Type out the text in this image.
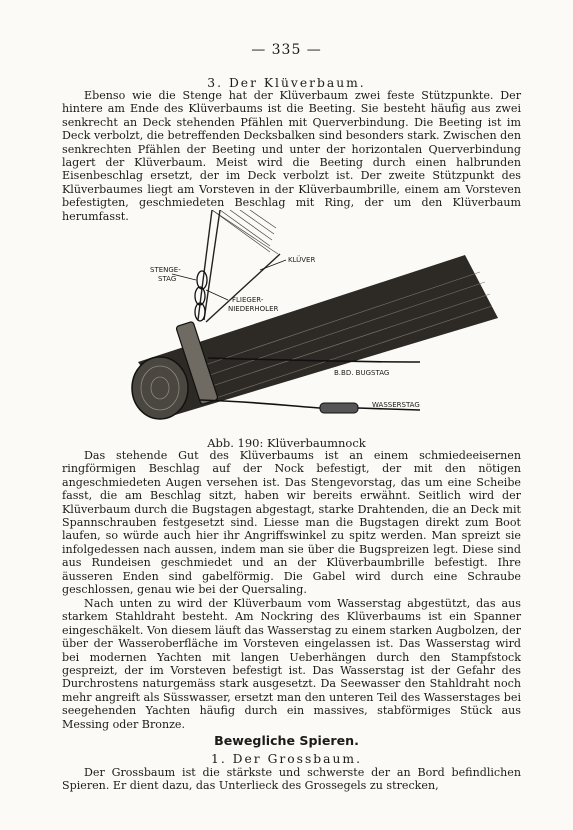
— 335 —
3. Der Klüverbaum.

Ebenso wie die Stenge hat der Klüverbaum zwei feste Stützpunkte. Der hintere am Ende des Klüverbaums ist die Beeting. Sie besteht häufig aus zwei senkrecht an Deck stehenden Pfählen mit Querverbindung. Die Beeting ist im Deck verbolzt, die betreffenden Decksbalken sind besonders stark. Zwischen den senkrechten Pfählen der Beeting und unter der horizontalen Querverbindung lagert der Klüverbaum. Meist wird die Beeting durch einen halbrunden Eisenbeschlag ersetzt, der im Deck verbolzt ist. Der zweite Stützpunkt des Klüverbaumes liegt am Vorsteven in der Klüverbaumbrille, einem am Vorsteven befestigten, geschmiedeten Beschlag mit Ring, der um den Klüverbaum herumfasst.

KLÜVER
STENGE-
STAG
FLIEGER-
NIEDERHOLER
B.BD. BUGSTAG
WASSERSTAG
Abb. 190: Klüverbaumnock

Das stehende Gut des Klüverbaums ist an einem schmiedeeisernen ringförmigen Beschlag auf der Nock befestigt, der mit den nötigen angeschmiedeten Augen versehen ist. Das Stengevorstag, das um eine Scheibe fasst, die am Beschlag sitzt, haben wir bereits erwähnt. Seitlich wird der Klüverbaum durch die Bugstagen abgestagt, starke Drahtenden, die an Deck mit Spannschrauben festgesetzt sind. Liesse man die Bugstagen direkt zum Boot laufen, so würde auch hier ihr Angriffswinkel zu spitz werden. Man spreizt sie infolgedessen nach aussen, indem man sie über die Bugspreizen legt. Diese sind aus Rundeisen geschmiedet und an der Klüverbaumbrille befestigt. Ihre äusseren Enden sind gabelförmig. Die Gabel wird durch eine Schraube geschlossen, genau wie bei der Quersaling.

Nach unten zu wird der Klüverbaum vom Wasserstag abgestützt, das aus starkem Stahldraht besteht. Am Nockring des Klüverbaums ist ein Spanner eingeschäkelt. Von diesem läuft das Wasserstag zu einem starken Augbolzen, der über der Wasseroberfläche im Vorsteven eingelassen ist. Das Wasserstag wird bei modernen Yachten mit langen Ueberhängen durch den Stampfstock gespreizt, der im Vorsteven befestigt ist. Das Wasserstag ist der Gefahr des Durchrostens naturgemäss stark ausgesetzt. Da Seewasser den Stahldraht noch mehr angreift als Süsswasser, ersetzt man den unteren Teil des Wasserstages bei seegehenden Yachten häufig durch ein massives, stabförmiges Stück aus Messing oder Bronze.

Bewegliche Spieren.
1. Der Grossbaum.

Der Grossbaum ist die stärkste und schwerste der an Bord befindlichen Spieren. Er dient dazu, das Unterlieck des Grossegels zu strecken,
